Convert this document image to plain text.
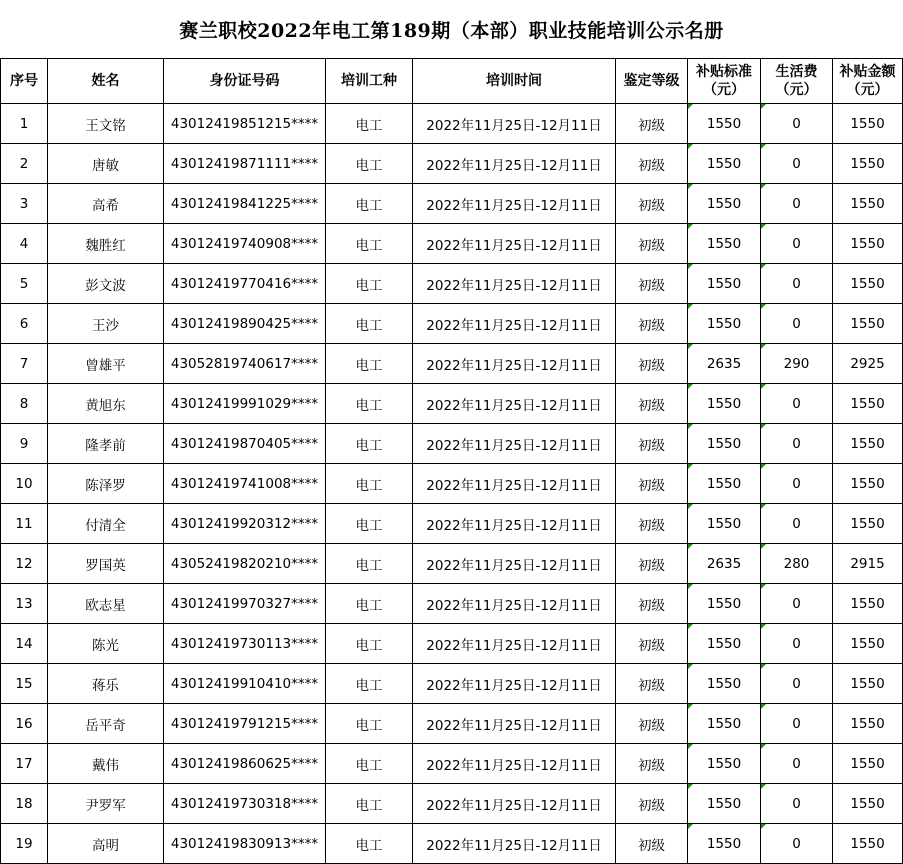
赛兰职校2022年电工第189期（本部）职业技能培训公示名册
序号	姓名	身份证号码	培训工种	培训时间	鉴定等级	补贴标准（元）	生活费（元）	补贴金额（元）
1	王文铭	43012419851215****	电工	2022年11月25日-12月11日	初级	1550	0	1550
2	唐敏	43012419871111****	电工	2022年11月25日-12月11日	初级	1550	0	1550
3	高希	43012419841225****	电工	2022年11月25日-12月11日	初级	1550	0	1550
4	魏胜红	43012419740908****	电工	2022年11月25日-12月11日	初级	1550	0	1550
5	彭文波	43012419770416****	电工	2022年11月25日-12月11日	初级	1550	0	1550
6	王沙	43012419890425****	电工	2022年11月25日-12月11日	初级	1550	0	1550
7	曾雄平	43052819740617****	电工	2022年11月25日-12月11日	初级	2635	290	2925
8	黄旭东	43012419991029****	电工	2022年11月25日-12月11日	初级	1550	0	1550
9	隆孝前	43012419870405****	电工	2022年11月25日-12月11日	初级	1550	0	1550
10	陈泽罗	43012419741008****	电工	2022年11月25日-12月11日	初级	1550	0	1550
11	付清全	43012419920312****	电工	2022年11月25日-12月11日	初级	1550	0	1550
12	罗国英	43052419820210****	电工	2022年11月25日-12月11日	初级	2635	280	2915
13	欧志星	43012419970327****	电工	2022年11月25日-12月11日	初级	1550	0	1550
14	陈光	43012419730113****	电工	2022年11月25日-12月11日	初级	1550	0	1550
15	蒋乐	43012419910410****	电工	2022年11月25日-12月11日	初级	1550	0	1550
16	岳平奇	43012419791215****	电工	2022年11月25日-12月11日	初级	1550	0	1550
17	戴伟	43012419860625****	电工	2022年11月25日-12月11日	初级	1550	0	1550
18	尹罗军	43012419730318****	电工	2022年11月25日-12月11日	初级	1550	0	1550
19	高明	43012419830913****	电工	2022年11月25日-12月11日	初级	1550	0	1550
